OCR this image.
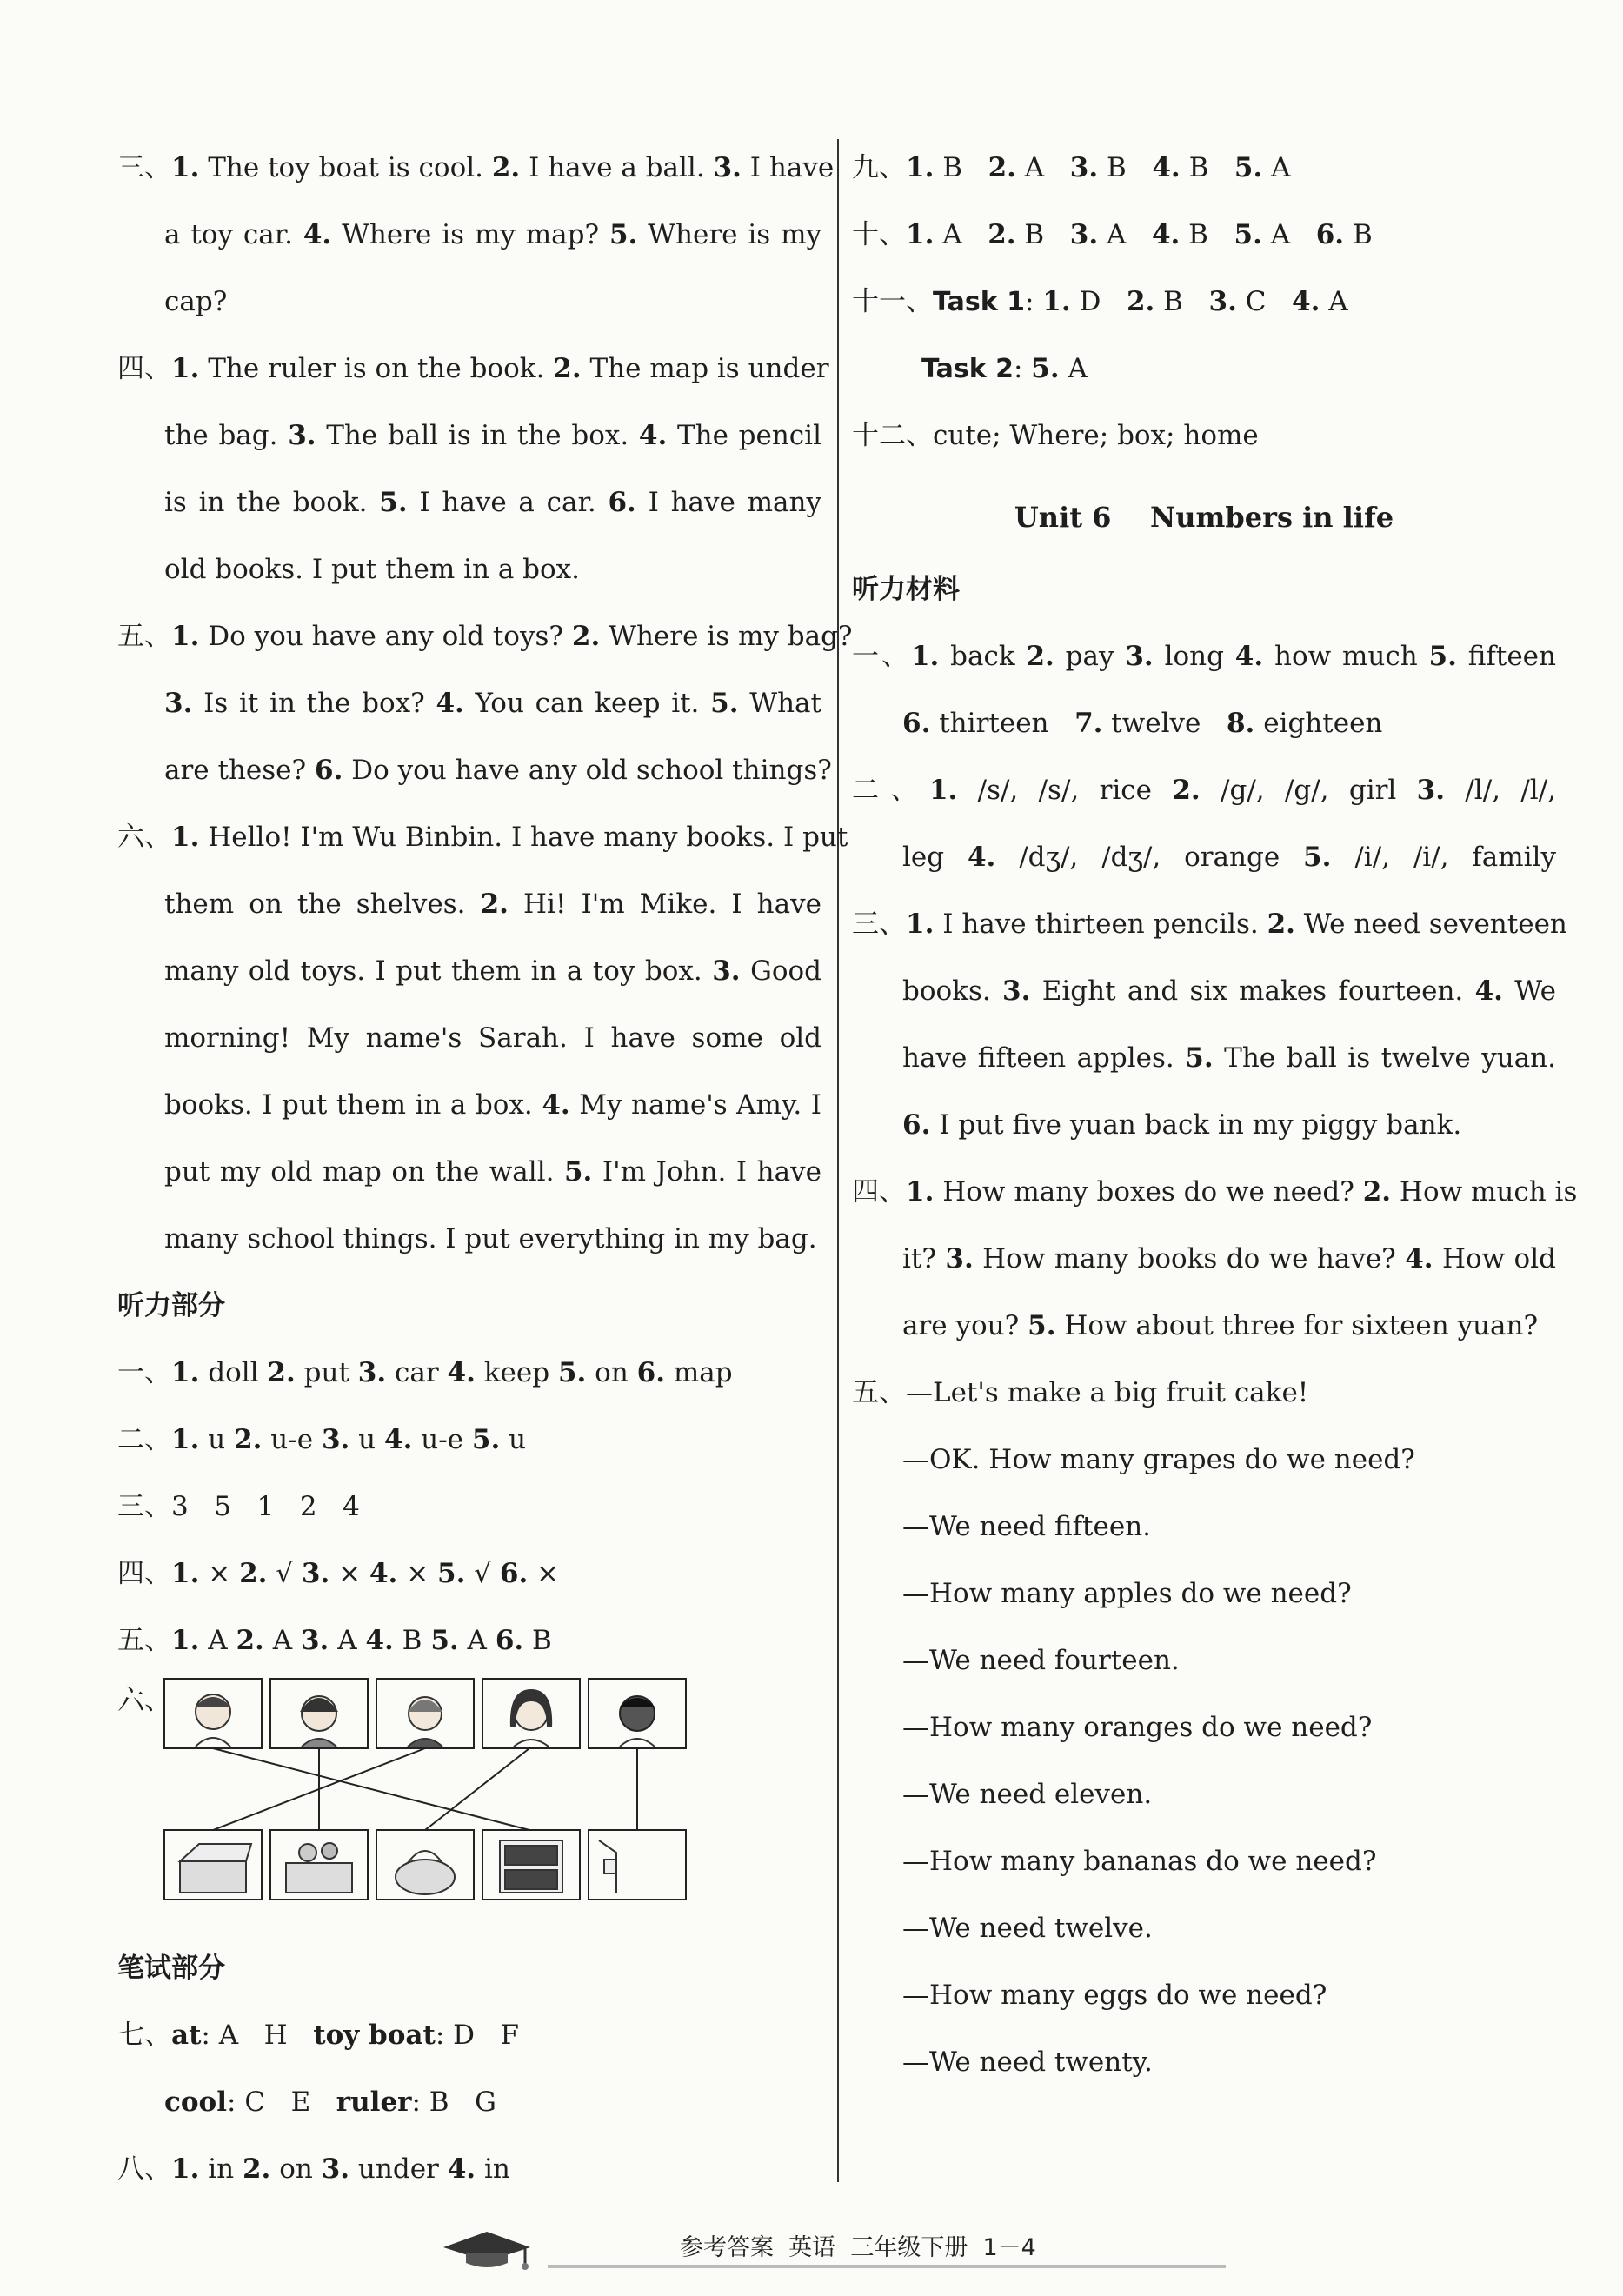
三、1. The toy boat is cool. 2. I have a ball. 3. I have
a toy car. 4. Where is my map? 5. Where is my
cap?
四、1. The ruler is on the book. 2. The map is under
the bag. 3. The ball is in the box. 4. The pencil
is in the book. 5. I have a car. 6. I have many
old books. I put them in a box.
五、1. Do you have any old toys? 2. Where is my bag?
3. Is it in the box? 4. You can keep it. 5. What
are these? 6. Do you have any old school things?
六、1. Hello! I'm Wu Binbin. I have many books. I put
them on the shelves. 2. Hi! I'm Mike. I have
many old toys. I put them in a toy box. 3. Good
morning! My name's Sarah. I have some old
books. I put them in a box. 4. My name's Amy. I
put my old map on the wall. 5. I'm John. I have
many school things. I put everything in my bag.
听力部分
一、1. doll 2. put 3. car 4. keep 5. on 6. map
二、1. u 2. u-e 3. u 4. u-e 5. u
三、3   5   1   2   4
四、1. × 2. √ 3. × 4. × 5. √ 6. ×
五、1. A 2. A 3. A 4. B 5. A 6. B
六、
笔试部分
七、at: A   H   toy boat: D   F
cool: C   E   ruler: B   G
八、1. in 2. on 3. under 4. in
九、1. B   2. A   3. B   4. B   5. A
十、1. A   2. B   3. A   4. B   5. A   6. B
十一、Task 1: 1. D   2. B   3. C   4. A
Task 2: 5. A
十二、cute; Where; box; home
Unit 6    Numbers in life
听力材料
一、1. back 2. pay 3. long 4. how much 5. fifteen
6. thirteen   7. twelve   8. eighteen
二、1. /s/, /s/, rice 2. /g/, /g/, girl 3. /l/, /l/,
leg 4. /dʒ/, /dʒ/, orange 5. /i/, /i/, family
三、1. I have thirteen pencils. 2. We need seventeen
books. 3. Eight and six makes fourteen. 4. We
have fifteen apples. 5. The ball is twelve yuan.
6. I put five yuan back in my piggy bank.
四、1. How many boxes do we need? 2. How much is
it? 3. How many books do we have? 4. How old
are you? 5. How about three for sixteen yuan?
五、—Let's make a big fruit cake!
—OK. How many grapes do we need?
—We need fifteen.
—How many apples do we need?
—We need fourteen.
—How many oranges do we need?
—We need eleven.
—How many bananas do we need?
—We need twelve.
—How many eggs do we need?
—We need twenty.
参考答案  英语  三年级下册  1－4
